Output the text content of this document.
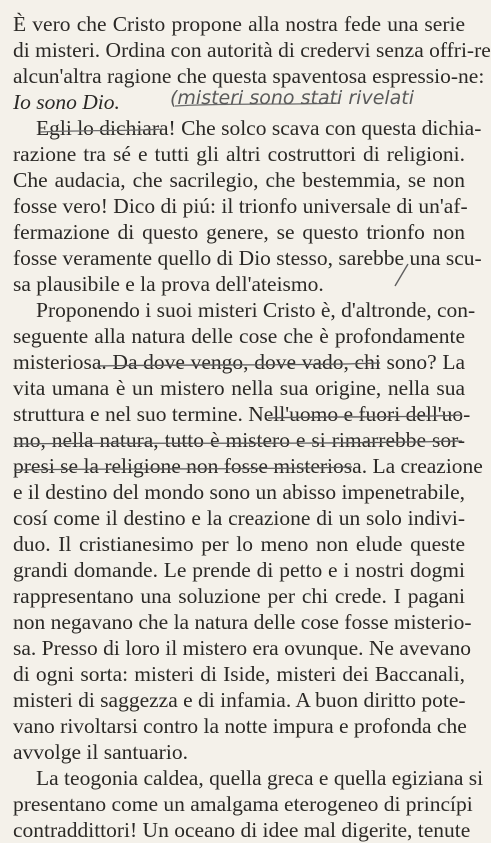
È vero che Cristo propone alla nostra fede una serie
di misteri. Ordina con autorità di credervi senza offri-re
alcun'altra ragione che questa spaventosa espressio-ne:
Io sono Dio.
Egli lo dichiara! Che solco scava con questa dichia-
razione tra sé e tutti gli altri costruttori di religioni.
Che audacia, che sacrilegio, che bestemmia, se non
fosse vero! Dico di piú: il trionfo universale di un'af-
fermazione di questo genere, se questo trionfo non
fosse veramente quello di Dio stesso, sarebbe una scu-
sa plausibile e la prova dell'ateismo.
Proponendo i suoi misteri Cristo è, d'altronde, con-
seguente alla natura delle cose che è profondamente
misteriosa. Da dove vengo, dove vado, chi sono? La
vita umana è un mistero nella sua origine, nella sua
struttura e nel suo termine. Nell'uomo e fuori dell'uo-
mo, nella natura, tutto è mistero e si rimarrebbe sor-
presi se la religione non fosse misteriosa. La creazione
e il destino del mondo sono un abisso impenetrabile,
cosí come il destino e la creazione di un solo indivi-
duo. Il cristianesimo per lo meno non elude queste
grandi domande. Le prende di petto e i nostri dogmi
rappresentano una soluzione per chi crede. I pagani
non negavano che la natura delle cose fosse misterio-
sa. Presso di loro il mistero era ovunque. Ne avevano
di ogni sorta: misteri di Iside, misteri dei Baccanali,
misteri di saggezza e di infamia. A buon diritto pote-
vano rivoltarsi contro la notte impura e profonda che
avvolge il santuario.
La teogonia caldea, quella greca e quella egiziana si
presentano come un amalgama eterogeneo di princípi
contraddittori! Un oceano di idee mal digerite, tenute
(misteri sono stati rivelati
